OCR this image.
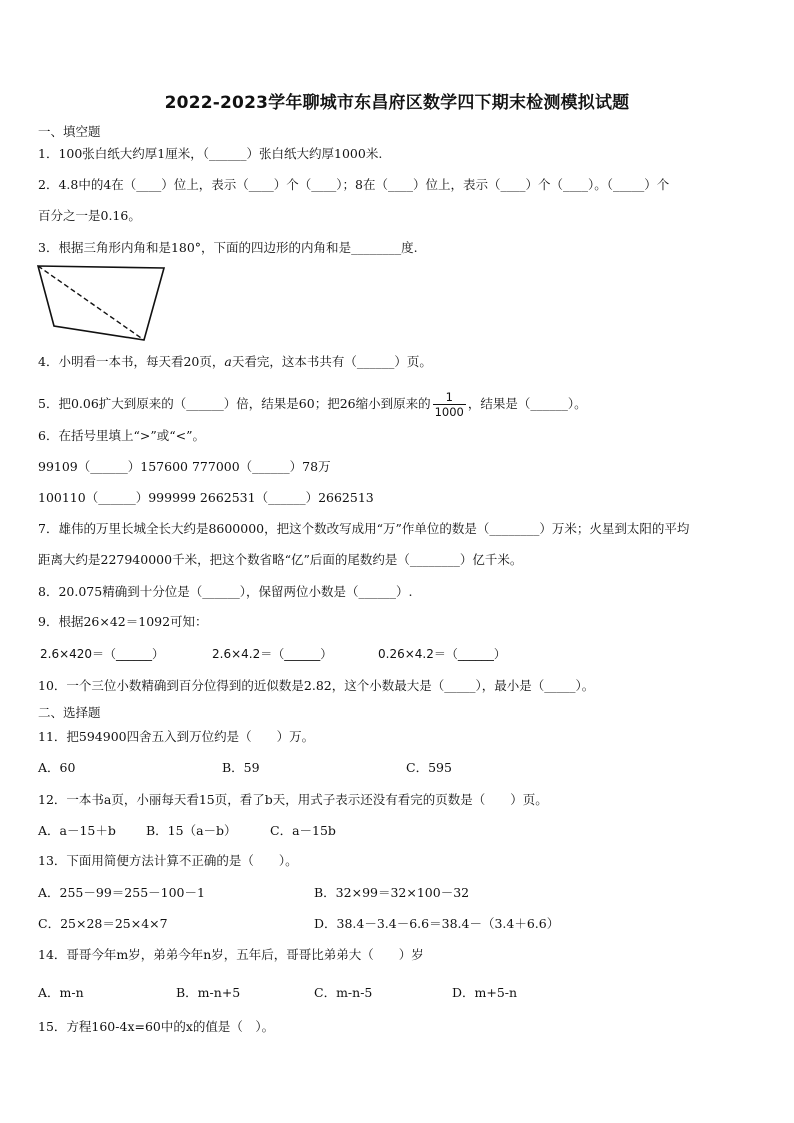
2022-2023学年聊城市东昌府区数学四下期末检测模拟试题
一、填空题
1．100张白纸大约厚1厘米，（______）张白纸大约厚1000米.
2．4.8中的4在（____）位上，表示（____）个（____）；8在（____）位上，表示（____）个（____）。（_____）个
百分之一是0.16。
3．根据三角形内角和是180°，下面的四边形的内角和是________度.
4．小明看一本书，每天看20页，a天看完，这本书共有（______）页。
5．把0.06扩大到原来的（______）倍，结果是60；把26缩小到原来的 $\frac{1}{1000}$ ，结果是（______）。
6．在括号里填上“>”或“<”。
99109（______）157600 777000（______）78万
100110（______）999999 2662531（______）2662513
7．雄伟的万里长城全长大约是8600000，把这个数改写成用“万”作单位的数是（________）万米；火星到太阳的平均
距离大约是227940000千米，把这个数省略“亿”后面的尾数约是（________）亿千米。
8．20.075精确到十分位是（______），保留两位小数是（______）.
9．根据26×42＝1092可知：
2.6×420＝（______）	2.6×4.2＝（______）	0.26×4.2＝（______）
10．一个三位小数精确到百分位得到的近似数是2.82，这个小数最大是（_____），最小是（_____）。
二、选择题
11．把594900四舍五入到万位约是（　　）万。
A．60	B．59	C．595
12．一本书a页，小丽每天看15页，看了b天，用式子表示还没有看完的页数是（　　）页。
A．a－15＋b B．15（a－b）	C．a－15b
13．下面用简便方法计算不正确的是（　　）。
A．255－99＝255－100－1	B．32×99＝32×100－32
C．25×28＝25×4×7	D．38.4－3.4－6.6＝38.4－（3.4＋6.6）
14．哥哥今年m岁，弟弟今年n岁，五年后，哥哥比弟弟大（　　）岁
A．m-n	B．m-n+5	C．m-n-5	D．m+5-n
15．方程160-4x=60中的x的值是（　）。
